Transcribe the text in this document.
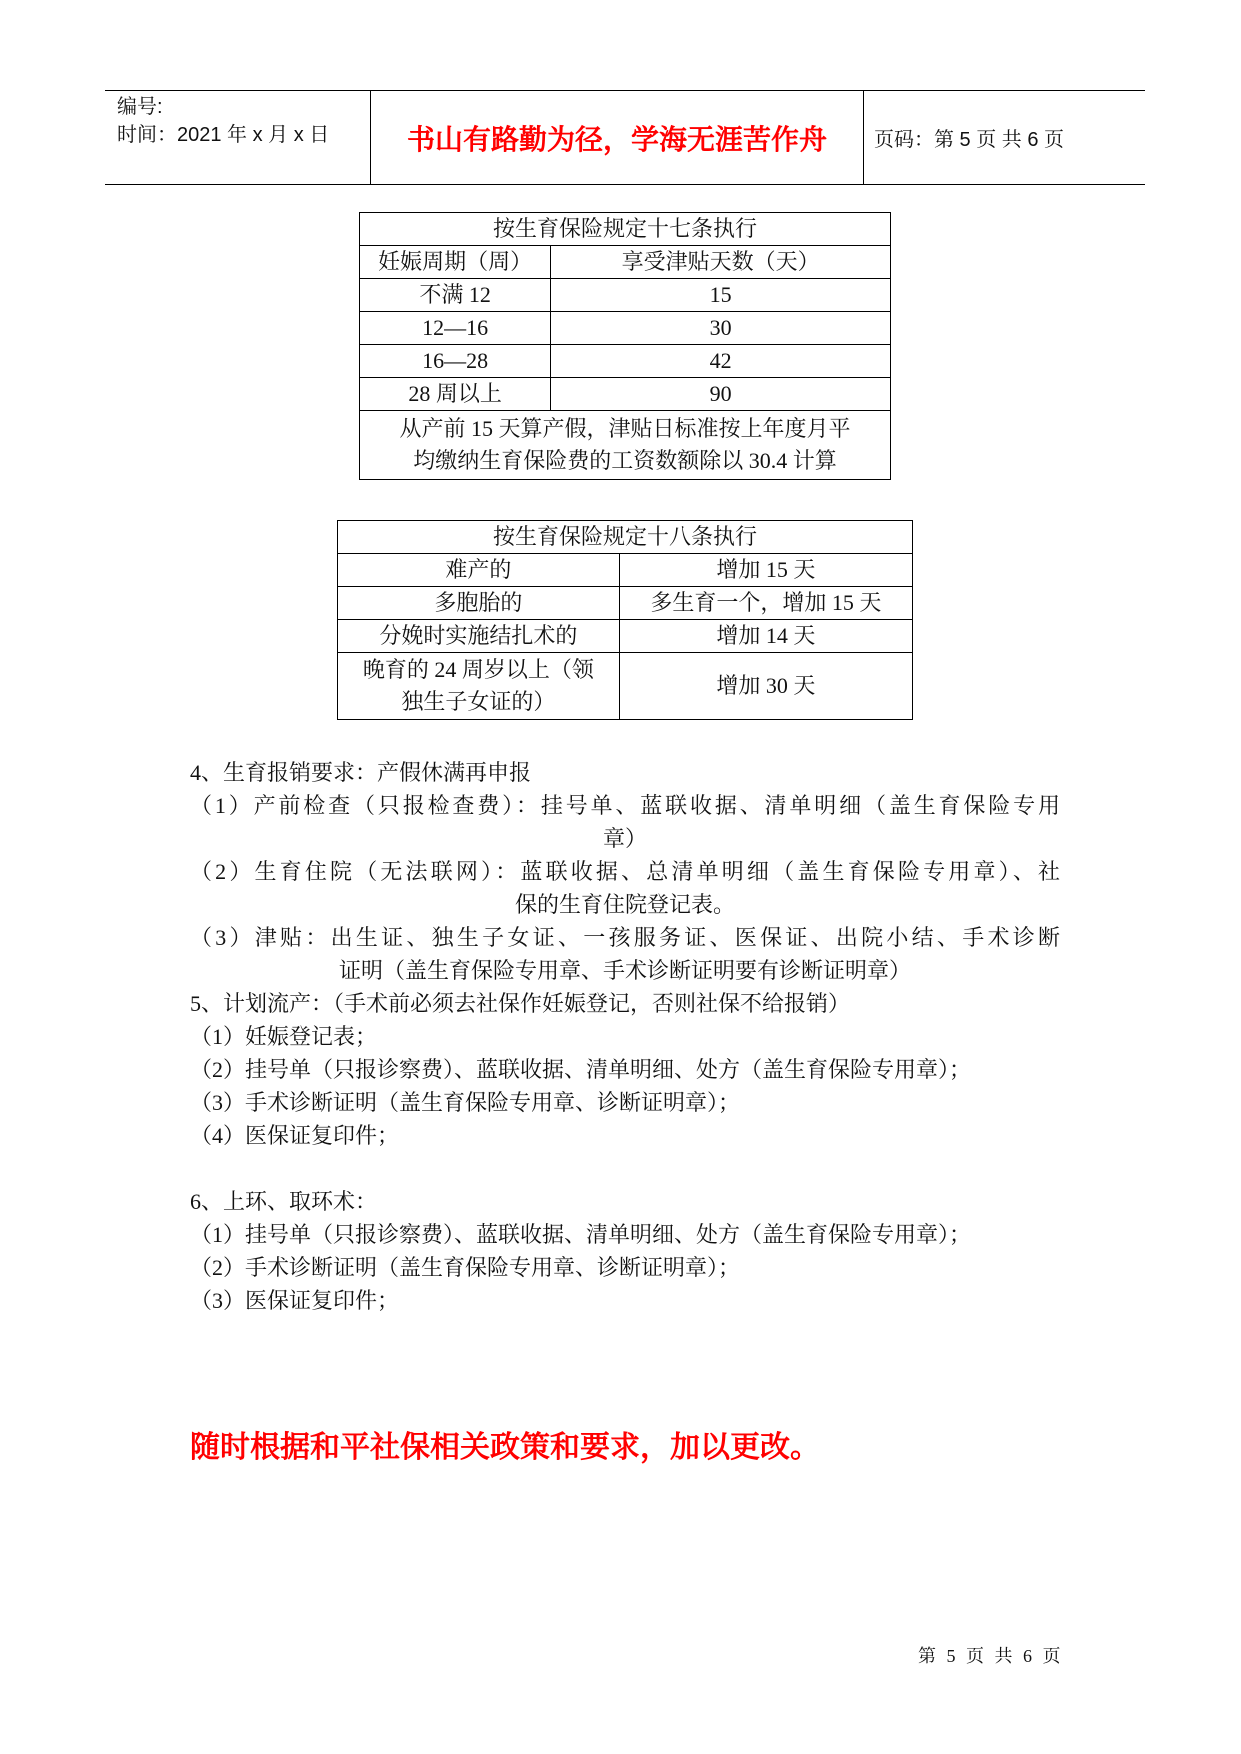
编号:
时间：2021 年 x 月 x 日	书山有路勤为径，学海无涯苦作舟	页码：第 5 页 共 6 页
按生育保险规定十七条执行	
妊娠周期（周）	享受津贴天数（天）
不满 12	15
12—16	30
16—28	42
28 周以上	90

从产前 15 天算产假，津贴日标准按上年度月平
均缴纳生育保险费的工资数额除以 30.4 计算	
按生育保险规定十八条执行	
难产的	增加 15 天
多胞胎的	多生育一个，增加 15 天
分娩时实施结扎术的	增加 14 天

晚育的 24 周岁以上（领
独生子女证的）	增加 30 天
4、生育报销要求：产假休满再申报
（1）产前检查（只报检查费）：挂号单、蓝联收据、清单明细（盖生育保险专用
章）
（2）生育住院（无法联网）：蓝联收据、总清单明细（盖生育保险专用章）、社
保的生育住院登记表。
（3）津贴：出生证、独生子女证、一孩服务证、医保证、出院小结、手术诊断
证明（盖生育保险专用章、手术诊断证明要有诊断证明章）
5、计划流产：（手术前必须去社保作妊娠登记，否则社保不给报销）
（1）妊娠登记表；
（2）挂号单（只报诊察费）、蓝联收据、清单明细、处方（盖生育保险专用章）；
（3）手术诊断证明（盖生育保险专用章、诊断证明章）；
（4）医保证复印件；
6、上环、取环术：
（1）挂号单（只报诊察费）、蓝联收据、清单明细、处方（盖生育保险专用章）；
（2）手术诊断证明（盖生育保险专用章、诊断证明章）；
（3）医保证复印件；
随时根据和平社保相关政策和要求，加以更改。
第 5 页 共 6 页
